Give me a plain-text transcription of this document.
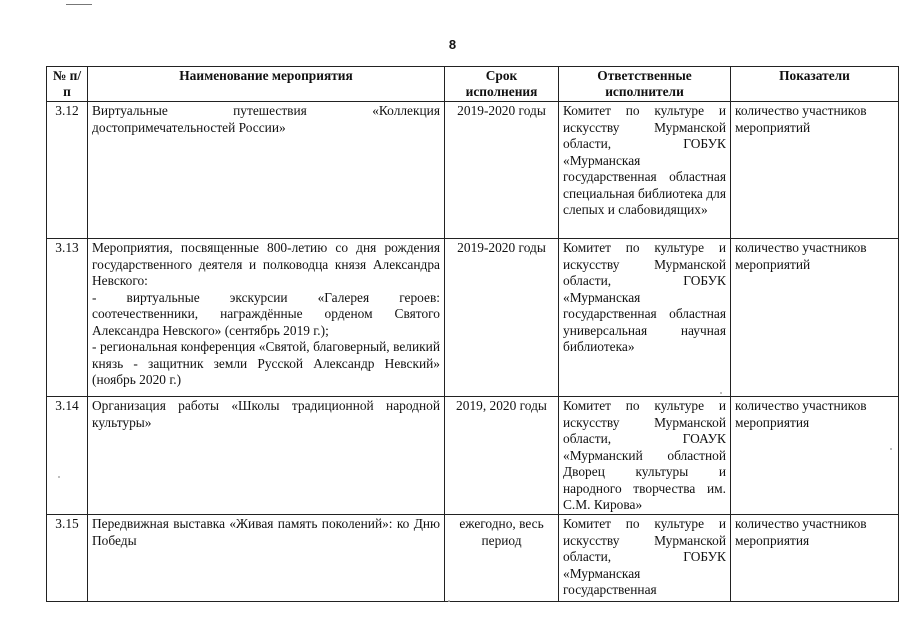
8
№ п/п	Наименование мероприятия	Срок исполнения	Ответственные исполнители	Показатели
3.12	Виртуальные путешествия «Коллекция достопримечательностей России»	2019-2020 годы	Комитет по культуре и искусству Мурманской области, ГОБУК «Мурманская государственная областная специальная библиотека для слепых и слабовидящих»	количество участников мероприятий
3.13	Мероприятия, посвященные 800-летию со дня рождения государственного деятеля и полководца князя Александра Невского:
- виртуальные экскурсии «Галерея героев: соотечественники, награждённые орденом Святого Александра Невского» (сентябрь 2019 г.);
- региональная конференция «Святой, благоверный, великий князь - защитник земли Русской Александр Невский» (ноябрь 2020 г.)	2019-2020 годы	Комитет по культуре и искусству Мурманской области, ГОБУК «Мурманская государственная областная универсальная научная библиотека»	количество участников мероприятий
3.14	Организация работы «Школы традиционной народной культуры»	2019, 2020 годы	Комитет по культуре и искусству Мурманской области, ГОАУК «Мурманский областной Дворец культуры и народного творчества им. С.М. Кирова»	количество участников мероприятия
3.15	Передвижная выставка «Живая память поколений»: ко Дню Победы	ежегодно, весь период	Комитет по культуре и искусству Мурманской области, ГОБУК «Мурманская государственная	количество участников мероприятия
